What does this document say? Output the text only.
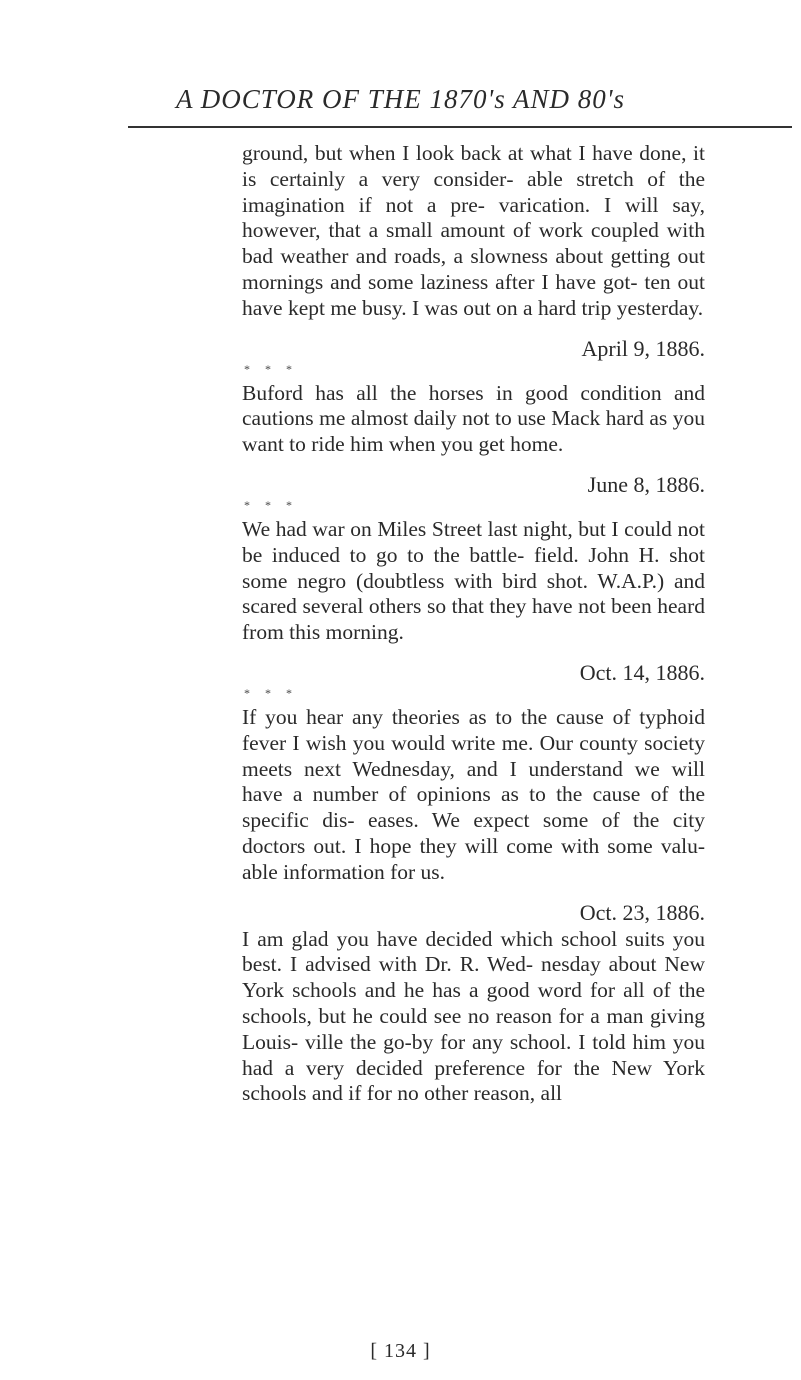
A DOCTOR OF THE 1870's AND 80's

ground, but when I look back at what I have done, it is certainly a very consider‐ able stretch of the imagination if not a pre‐ varication. I will say, however, that a small amount of work coupled with bad weather and roads, a slowness about getting out mornings and some laziness after I have got‐ ten out have kept me busy. I was out on a hard trip yesterday.

April 9, 1886.
* * *

Buford has all the horses in good condition and cautions me almost daily not to use Mack hard as you want to ride him when you get home.

June 8, 1886.
* * *

We had war on Miles Street last night, but I could not be induced to go to the battle‐ field. John H. shot some negro (doubtless with bird shot. W.A.P.) and scared several others so that they have not been heard from this morning.

Oct. 14, 1886.
* * *

If you hear any theories as to the cause of typhoid fever I wish you would write me. Our county society meets next Wednesday, and I understand we will have a number of opinions as to the cause of the specific dis‐ eases. We expect some of the city doctors out. I hope they will come with some valu‐ able information for us.

Oct. 23, 1886.

I am glad you have decided which school suits you best. I advised with Dr. R. Wed‐ nesday about New York schools and he has a good word for all of the schools, but he could see no reason for a man giving Louis‐ ville the go‐by for any school. I told him you had a very decided preference for the New York schools and if for no other reason, all

[ 134 ]
